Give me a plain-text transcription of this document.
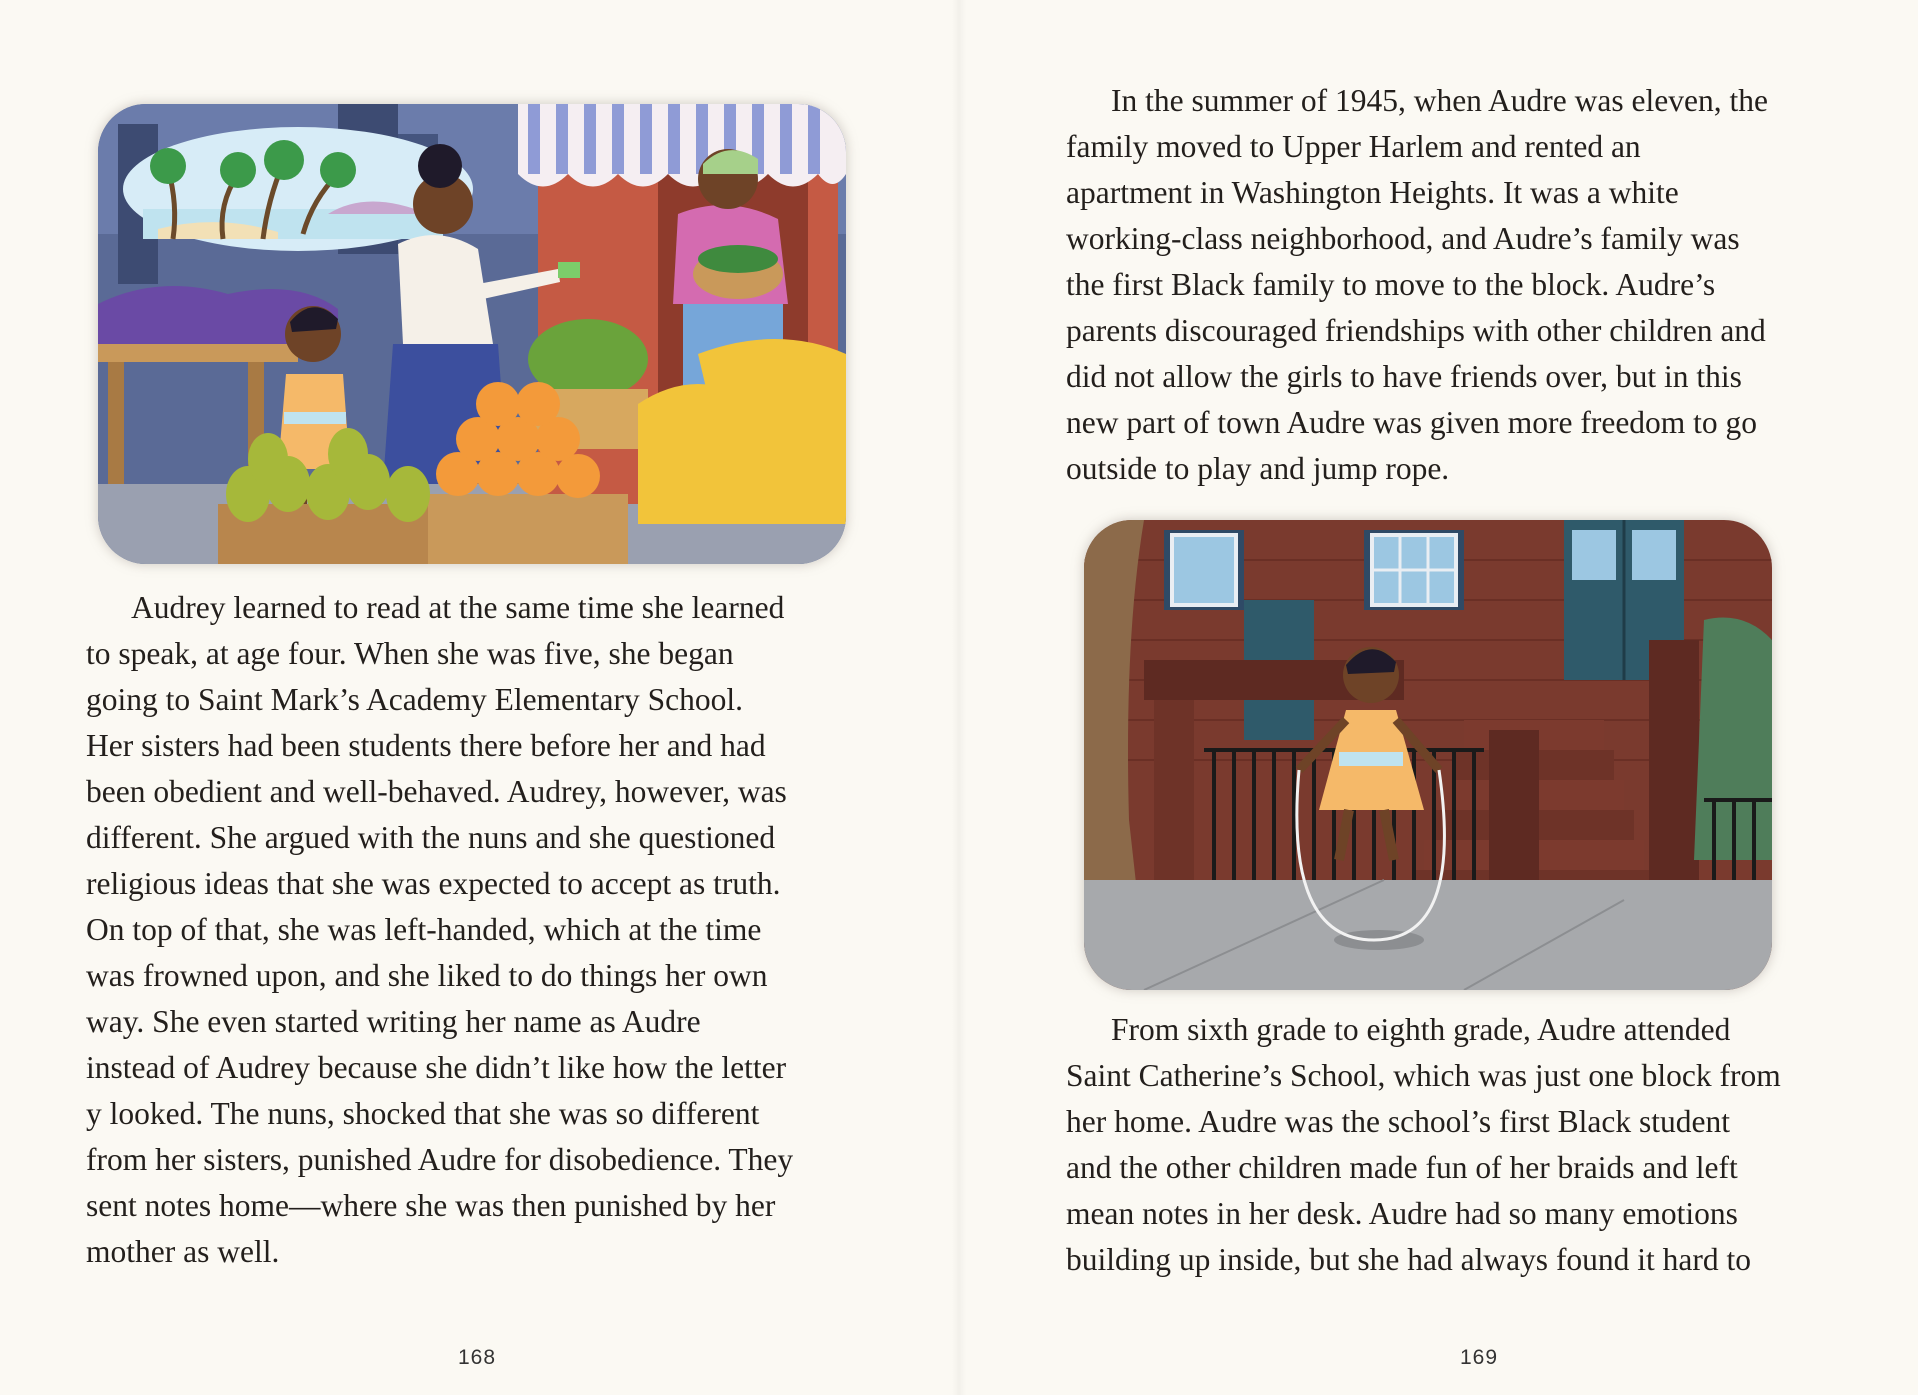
Audrey learned to read at the same time she learned
to speak, at age four. When she was five, she began
going to Saint Mark’s Academy Elementary School.
Her sisters had been students there before her and had
been obedient and well-behaved. Audrey, however, was
different. She argued with the nuns and she questioned
religious ideas that she was expected to accept as truth.
On top of that, she was left-handed, which at the time
was frowned upon, and she liked to do things her own
way. She even started writing her name as Audre
instead of Audrey because she didn’t like how the letter
y looked. The nuns, shocked that she was so different
from her sisters, punished Audre for disobedience. They
sent notes home—where she was then punished by her
mother as well.
168
In the summer of 1945, when Audre was eleven, the
family moved to Upper Harlem and rented an
apartment in Washington Heights. It was a white
working-class neighborhood, and Audre’s family was
the first Black family to move to the block. Audre’s
parents discouraged friendships with other children and
did not allow the girls to have friends over, but in this
new part of town Audre was given more freedom to go
outside to play and jump rope.
From sixth grade to eighth grade, Audre attended
Saint Catherine’s School, which was just one block from
her home. Audre was the school’s first Black student
and the other children made fun of her braids and left
mean notes in her desk. Audre had so many emotions
building up inside, but she had always found it hard to
169
